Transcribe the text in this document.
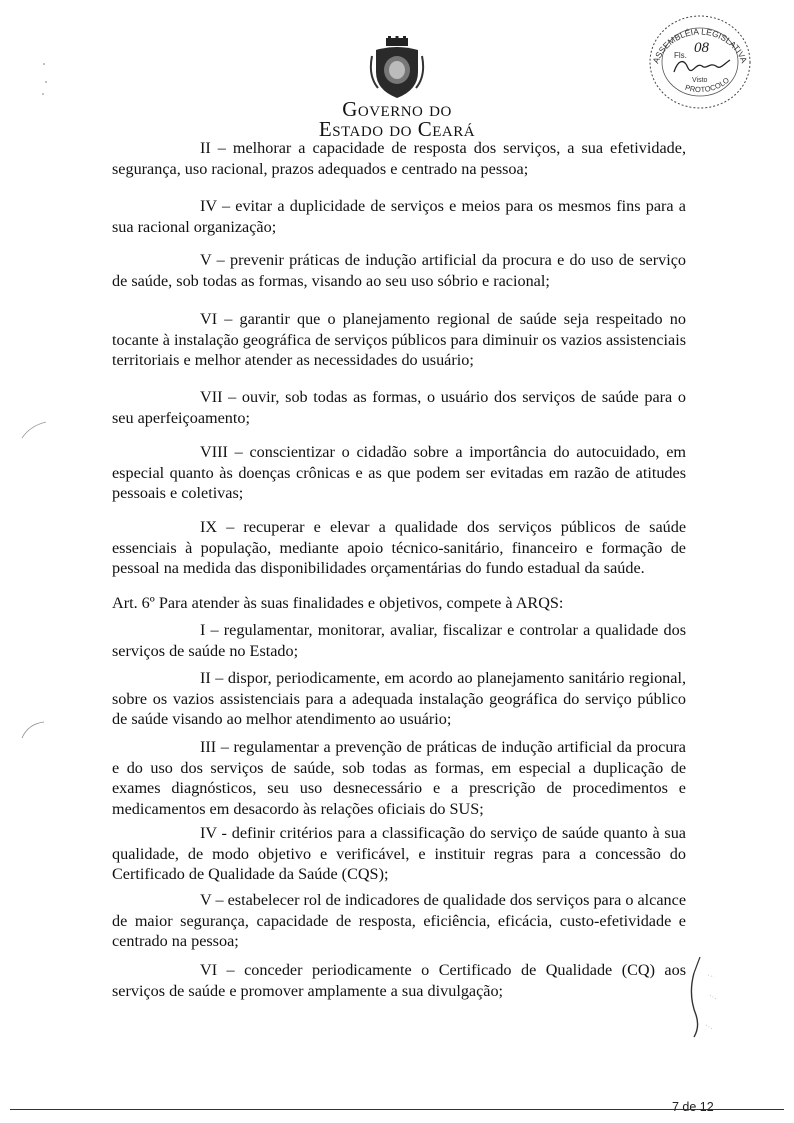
Governo do
Estado do Ceará
ASSEMBLÉIA LEGISLATIVA
PROTOCOLO
Fls. 08
Visto

II – melhorar a capacidade de resposta dos serviços, a sua efetividade, segurança, uso racional, prazos adequados e centrado na pessoa;

IV – evitar a duplicidade de serviços e meios para os mesmos fins para a sua racional organização;

V – prevenir práticas de indução artificial da procura e do uso de serviço de saúde, sob todas as formas, visando ao seu uso sóbrio e racional;

VI – garantir que o planejamento regional de saúde seja respeitado no tocante à instalação geográfica de serviços públicos para diminuir os vazios assistenciais territoriais e melhor atender as necessidades do usuário;

VII – ouvir, sob todas as formas, o usuário dos serviços de saúde para o seu aperfeiçoamento;

VIII – conscientizar o cidadão sobre a importância do autocuidado, em especial quanto às doenças crônicas e as que podem ser evitadas em razão de atitudes pessoais e coletivas;

IX – recuperar e elevar a qualidade dos serviços públicos de saúde essenciais à população, mediante apoio técnico-sanitário, financeiro e formação de pessoal na medida das disponibilidades orçamentárias do fundo estadual da saúde.

Art. 6º Para atender às suas finalidades e objetivos, compete à ARQS:

I – regulamentar, monitorar, avaliar, fiscalizar e controlar a qualidade dos serviços de saúde no Estado;

II – dispor, periodicamente, em acordo ao planejamento sanitário regional, sobre os vazios assistenciais para a adequada instalação geográfica do serviço público de saúde visando ao melhor atendimento ao usuário;

III – regulamentar a prevenção de práticas de indução artificial da procura e do uso dos serviços de saúde, sob todas as formas, em especial a duplicação de exames diagnósticos, seu uso desnecessário e a prescrição de procedimentos e medicamentos em desacordo às relações oficiais do SUS;

IV - definir critérios para a classificação do serviço de saúde quanto à sua qualidade, de modo objetivo e verificável, e instituir regras para a concessão do Certificado de Qualidade da Saúde (CQS);

V – estabelecer rol de indicadores de qualidade dos serviços para o alcance de maior segurança, capacidade de resposta, eficiência, eficácia, custo-efetividade e centrado na pessoa;

VI – conceder periodicamente o Certificado de Qualidade (CQ) aos serviços de saúde e promover amplamente a sua divulgação;

7 de 12
